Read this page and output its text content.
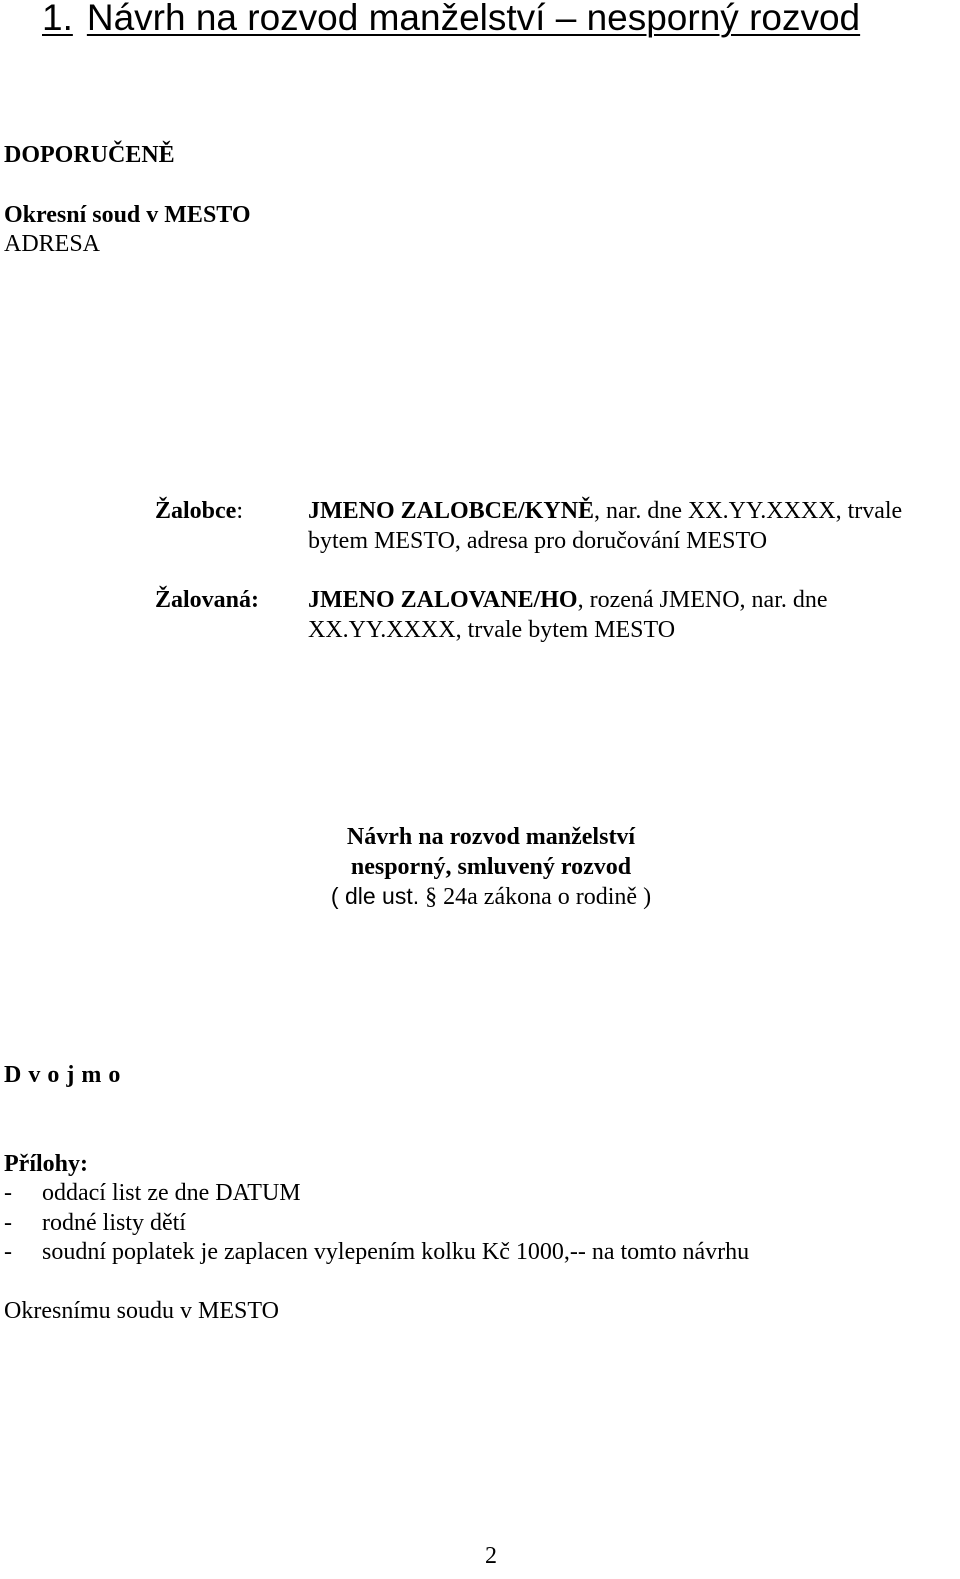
1. Návrh na rozvod manželství – nesporný rozvod
DOPORUČENĚ
Okresní soud v MESTO
ADRESA
Žalobce:	JMENO ZALOBCE/KYNĚ, nar. dne XX.YY.XXXX, trvale
bytem MESTO, adresa pro doručování MESTO
Žalovaná: JMENO ZALOVANE/HO, rozená JMENO, nar. dne
XX.YY.XXXX, trvale bytem MESTO
Návrh na rozvod manželství
nesporný, smluvený rozvod
( dle ust. § 24a zákona o rodině )
Dvojmo
Přílohy:
- oddací list ze dne DATUM
- rodné listy dětí
- soudní poplatek je zaplacen vylepením kolku Kč 1000,-- na tomto návrhu
Okresnímu soudu v MESTO
2
